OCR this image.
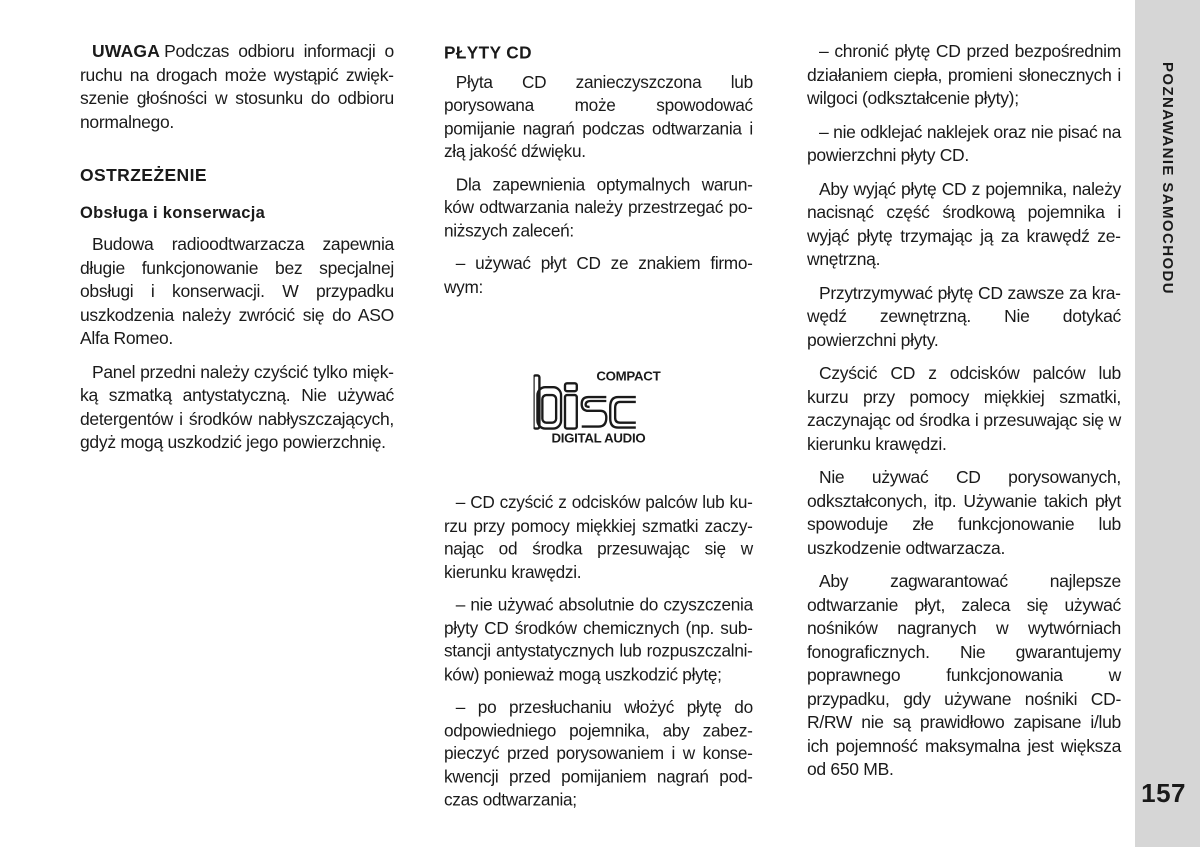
UWAGA Podczas odbioru informacji o ruchu na drogach może wystąpić zwiększenie głośności w stosunku do odbioru normalnego.

OSTRZEŻENIE
Obsługa i konserwacja

Budowa radioodtwarzacza zapewnia długie funkcjonowanie bez specjalnej obsługi i konserwacji. W przypadku uszkodzenia należy zwrócić się do ASO Alfa Romeo.

Panel przedni należy czyścić tylko miękką szmatką antystatyczną. Nie używać detergentów i środków nabłyszczających, gdyż mogą uszkodzić jego powierzchnię.

PŁYTY CD

Płyta CD zanieczyszczona lub porysowana może spowodować pomijanie nagrań podczas odtwarzania i złą jakość dźwięku.

Dla zapewnienia optymalnych warunków odtwarzania należy przestrzegać poniższych zaleceń:

– używać płyt CD ze znakiem firmowym:

COMPACT
DIGITAL AUDIO

– CD czyścić z odcisków palców lub kurzu przy pomocy miękkiej szmatki zaczynając od środka przesuwając się w kierunku krawędzi.

– nie używać absolutnie do czyszczenia płyty CD środków chemicznych (np. substancji antystatycznych lub rozpuszczalników) ponieważ mogą uszkodzić płytę;

– po przesłuchaniu włożyć płytę do odpowiedniego pojemnika, aby zabezpieczyć przed porysowaniem i w konsekwencji przed pomijaniem nagrań podczas odtwarzania;

– chronić płytę CD przed bezpośrednim działaniem ciepła, promieni słonecznych i wilgoci (odkształcenie płyty);

– nie odklejać naklejek oraz nie pisać na powierzchni płyty CD.

Aby wyjąć płytę CD z pojemnika, należy nacisnąć część środkową pojemnika i wyjąć płytę trzymając ją za krawędź zewnętrzną.

Przytrzymywać płytę CD zawsze za krawędź zewnętrzną. Nie dotykać powierzchni płyty.

Czyścić CD z odcisków palców lub kurzu przy pomocy miękkiej szmatki, zaczynając od środka i przesuwając się w kierunku krawędzi.

Nie używać CD porysowanych, odkształconych, itp. Używanie takich płyt spowoduje złe funkcjonowanie lub uszkodzenie odtwarzacza.

Aby zagwarantować najlepsze odtwarzanie płyt, zaleca się używać nośników nagranych w wytwórniach fonograficznych. Nie gwarantujemy poprawnego funkcjonowania w przypadku, gdy używane nośniki CD-R/RW nie są prawidłowo zapisane i/lub ich pojemność maksymalna jest większa od 650 MB.

POZNAWANIE SAMOCHODU
157
